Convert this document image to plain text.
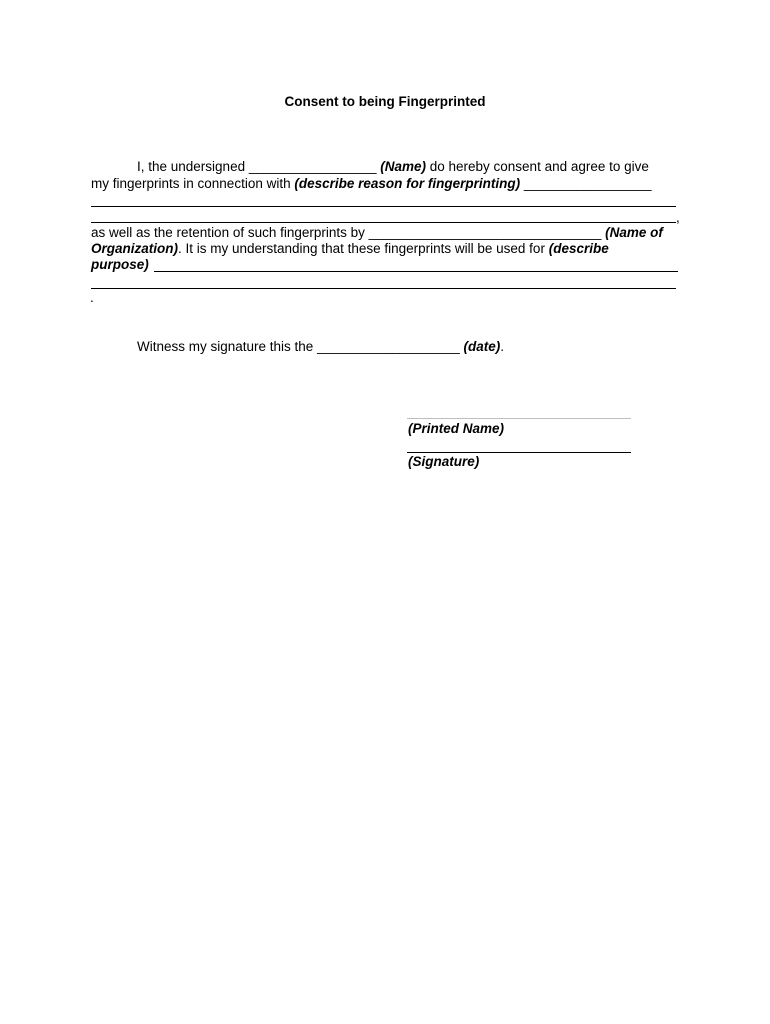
Consent to being Fingerprinted
I, the undersigned _________________ (Name) do hereby consent and agree to give
my fingerprints in connection with (describe reason for fingerprinting) _________________
,
as well as the retention of such fingerprints by _______________________________ (Name of
Organization). It is my understanding that these fingerprints will be used for (describe
purpose)
.
Witness my signature this the ___________________ (date).
(Printed Name)
(Signature)
